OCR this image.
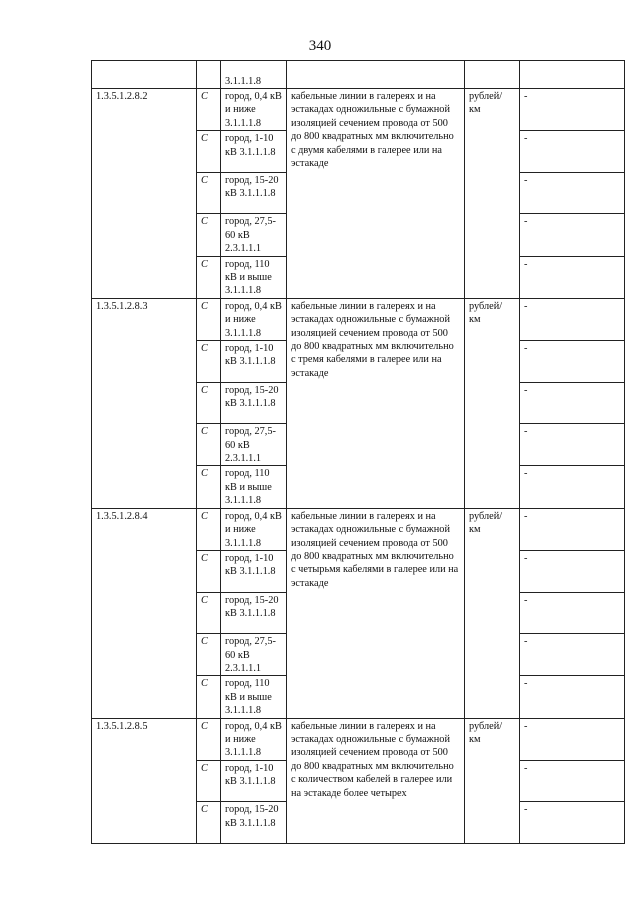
340
		3.1.1.1.8			
1.3.5.1.2.8.2	С	город, 0,4 кВ и ниже 3.1.1.1.8	кабельные линии в галереях и на эстакадах одножильные с бумажной изоляцией сечением провода от 500 до 800 квадратных мм включительно с двумя кабелями в галерее или на эстакаде	рублей/ км	-
	С	город, 1-10 кВ 3.1.1.1.8			-
	С	город, 15-20 кВ 3.1.1.1.8			-
	С	город, 27,5-60 кВ 2.3.1.1.1			-
	С	город, 110 кВ и выше 3.1.1.1.8			-
1.3.5.1.2.8.3	С	город, 0,4 кВ и ниже 3.1.1.1.8	кабельные линии в галереях и на эстакадах одножильные с бумажной изоляцией сечением провода от 500 до 800 квадратных мм включительно с тремя кабелями в галерее или на эстакаде	рублей/ км	-
	С	город, 1-10 кВ 3.1.1.1.8			-
	С	город, 15-20 кВ 3.1.1.1.8			-
	С	город, 27,5-60 кВ 2.3.1.1.1			-
	С	город, 110 кВ и выше 3.1.1.1.8			-
1.3.5.1.2.8.4	С	город, 0,4 кВ и ниже 3.1.1.1.8	кабельные линии в галереях и на эстакадах одножильные с бумажной изоляцией сечением провода от 500 до 800 квадратных мм включительно с четырьмя кабелями в галерее или на эстакаде	рублей/ км	-
	С	город, 1-10 кВ 3.1.1.1.8			-
	С	город, 15-20 кВ 3.1.1.1.8			-
	С	город, 27,5-60 кВ 2.3.1.1.1			-
	С	город, 110 кВ и выше 3.1.1.1.8			-
1.3.5.1.2.8.5	С	город, 0,4 кВ и ниже 3.1.1.1.8	кабельные линии в галереях и на эстакадах одножильные с бумажной изоляцией сечением провода от 500 до 800 квадратных мм включительно с количеством кабелей в галерее или на эстакаде более четырех	рублей/ км	-
	С	город, 1-10 кВ 3.1.1.1.8			-
	С	город, 15-20 кВ 3.1.1.1.8			-
